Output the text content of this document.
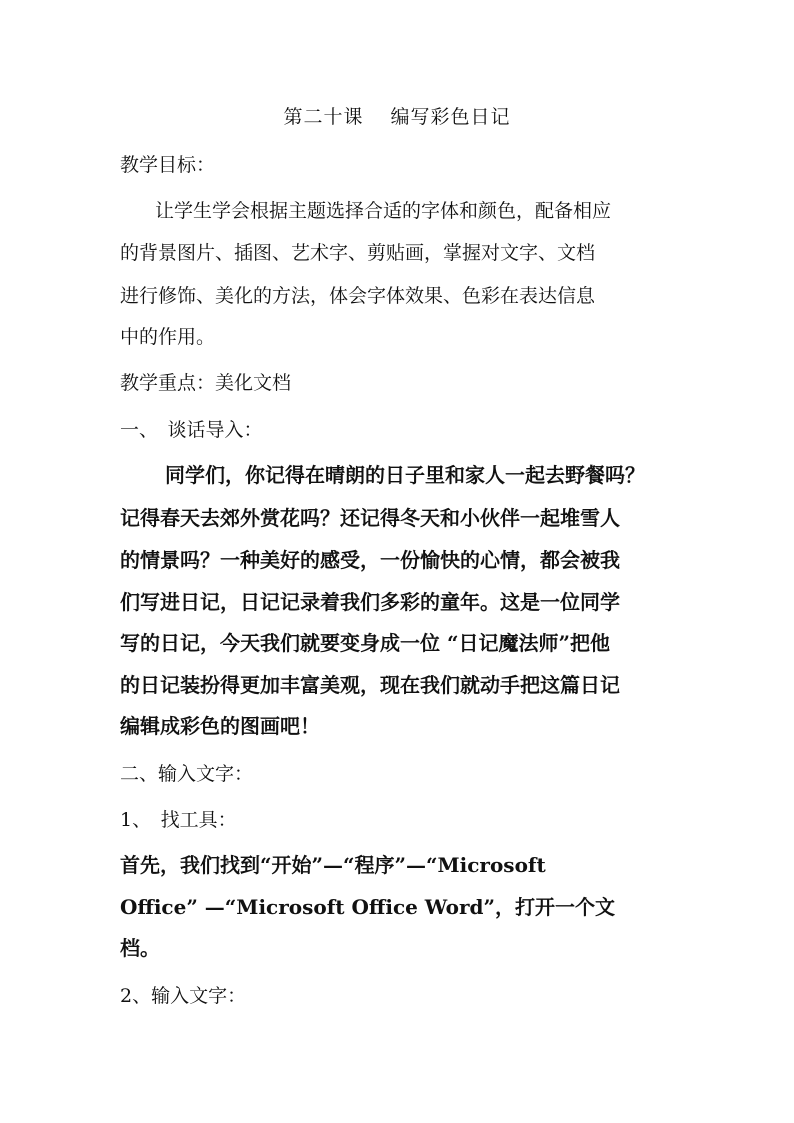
第二十课　 编写彩色日记

教学目标：

让学生学会根据主题选择合适的字体和颜色，配备相应

的背景图片、插图、艺术字、剪贴画，掌握对文字、文档

进行修饰、美化的方法，体会字体效果、色彩在表达信息

中的作用。

教学重点：美化文档

一、　谈话导入：

同学们，你记得在晴朗的日子里和家人一起去野餐吗？

记得春天去郊外赏花吗？还记得冬天和小伙伴一起堆雪人

的情景吗？一种美好的感受，一份愉快的心情，都会被我

们写进日记，日记记录着我们多彩的童年。这是一位同学

写的日记，今天我们就要变身成一位 “日记魔法师”把他

的日记装扮得更加丰富美观，现在我们就动手把这篇日记

编辑成彩色的图画吧！

二、输入文字：

1、　找工具：

首先，我们找到“开始”—“程序”—“Microsoft

Office” —“Microsoft Office Word”，打开一个文

档。

2、输入文字：
